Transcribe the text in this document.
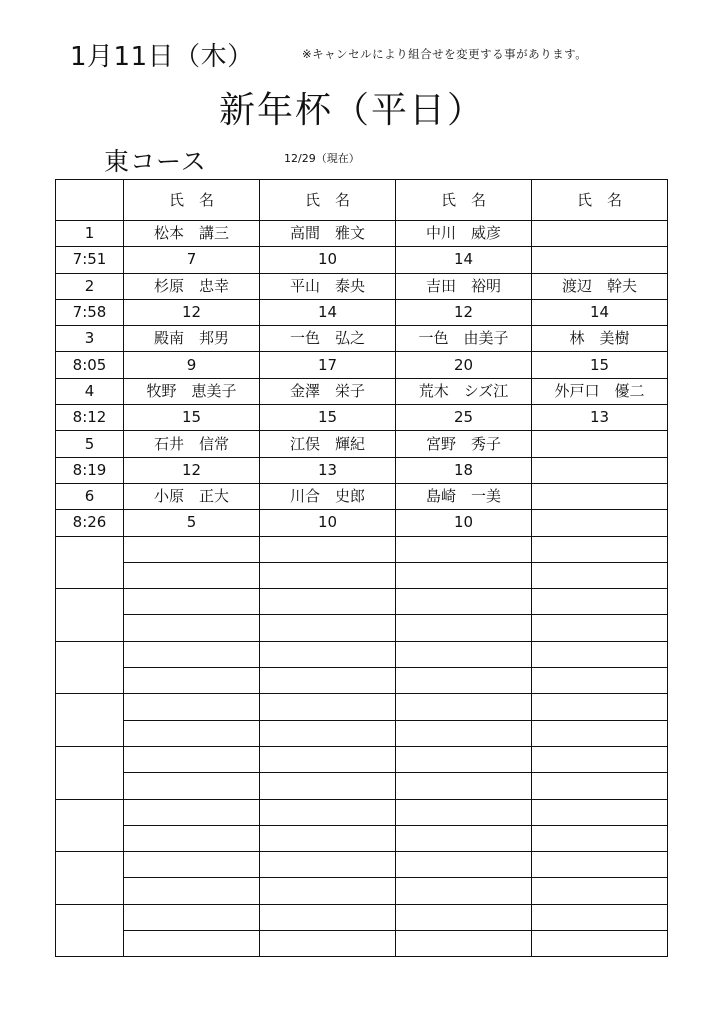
1月11日（木）	※キャンセルにより組合せを変更する事があります。
新年杯（平日）
東コース	12/29（現在）
	氏　名	氏　名	氏　名	氏　名
1	松本　講三	高間　雅文	中川　威彦	
7:51	7	10	14	
2	杉原　忠幸	平山　泰央	吉田　裕明	渡辺　幹夫
7:58	12	14	12	14
3	殿南　邦男	一色　弘之	一色　由美子	林　美樹
8:05	9	17	20	15
4	牧野　恵美子	金澤　栄子	荒木　シズ江	外戸口　優二
8:12	15	15	25	13
5	石井　信常	江俣　輝紀	宮野　秀子	
8:19	12	13	18	
6	小原　正大	川合　史郎	島崎　一美	
8:26	5	10	10	
